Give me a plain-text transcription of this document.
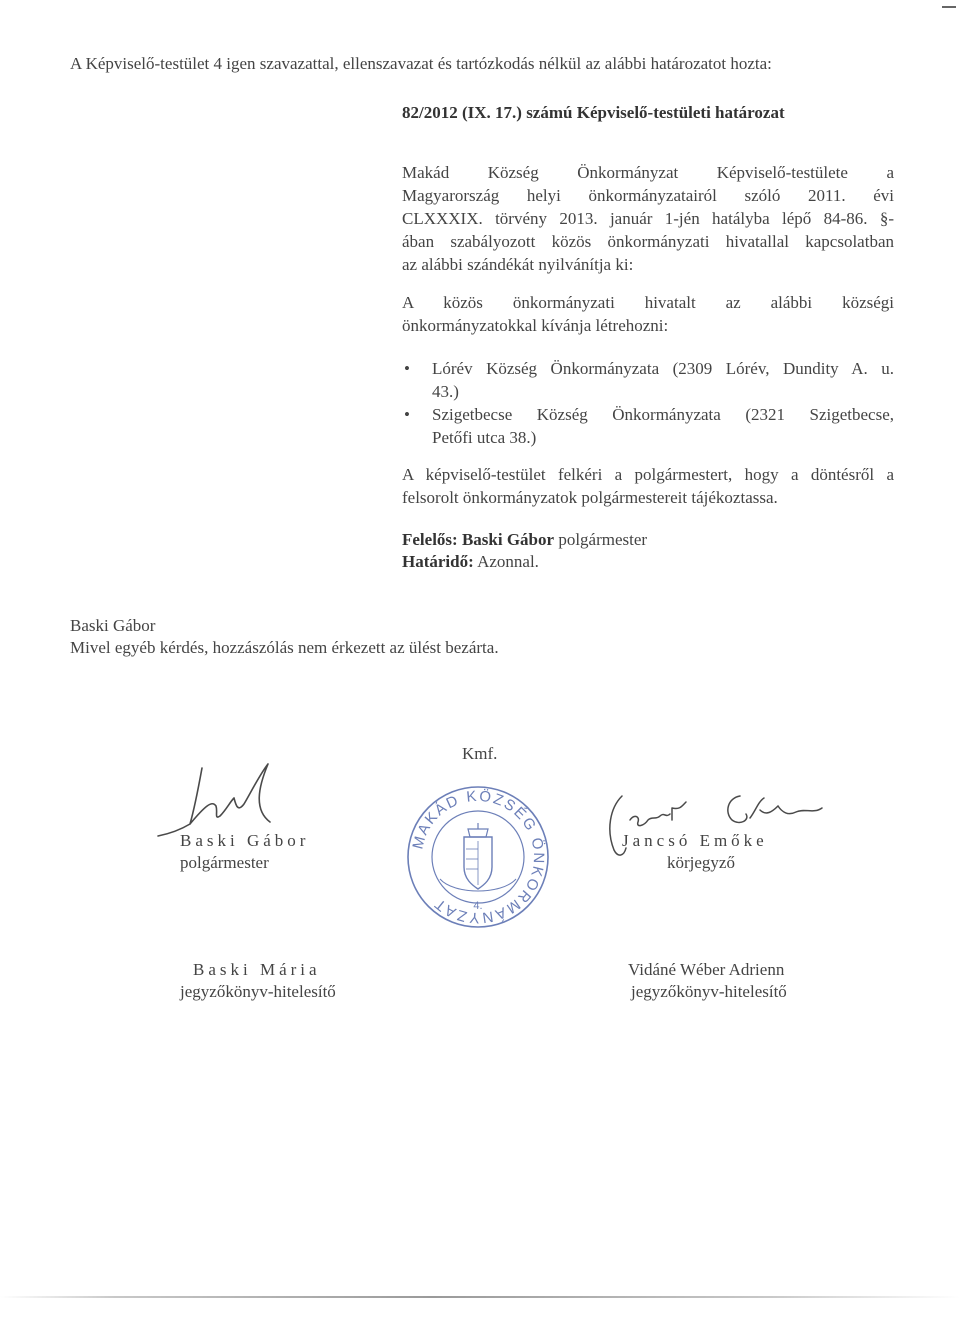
A Képviselő-testület 4 igen szavazattal, ellenszavazat és tartózkodás nélkül az alábbi határozatot hozta:
82/2012 (IX. 17.) számú Képviselő-testületi határozat
Makád Község Önkormányzat Képviselő-testülete a
Magyarország helyi önkormányzatairól szóló 2011. évi
CLXXXIX. törvény 2013. január 1-jén hatályba lépő 84-86. §-
ában szabályozott közös önkormányzati hivatallal kapcsolatban
az alábbi szándékát nyilvánítja ki:
A közös önkormányzati hivatalt az alábbi községi
önkormányzatokkal kívánja létrehozni:
• Lórév Község Önkormányzata (2309 Lórév, Dundity A. u.
43.)
• Szigetbecse Község Önkormányzata (2321 Szigetbecse,
Petőfi utca 38.)
A képviselő-testület felkéri a polgármestert, hogy a döntésről a
felsorolt önkormányzatok polgármestereit tájékoztassa.
Felelős: Baski Gábor polgármester
Határidő: Azonnal.
Baski Gábor
Mivel egyéb kérdés, hozzászólás nem érkezett az ülést bezárta.
Kmf.
Baski Gábor
polgármester
MAKÁD KÖZSÉG ÖNKORMÁNYZAT	4.
Jancsó Emőke
körjegyző
Baski Mária
jegyzőkönyv-hitelesítő
Vidáné Wéber Adrienn
jegyzőkönyv-hitelesítő
